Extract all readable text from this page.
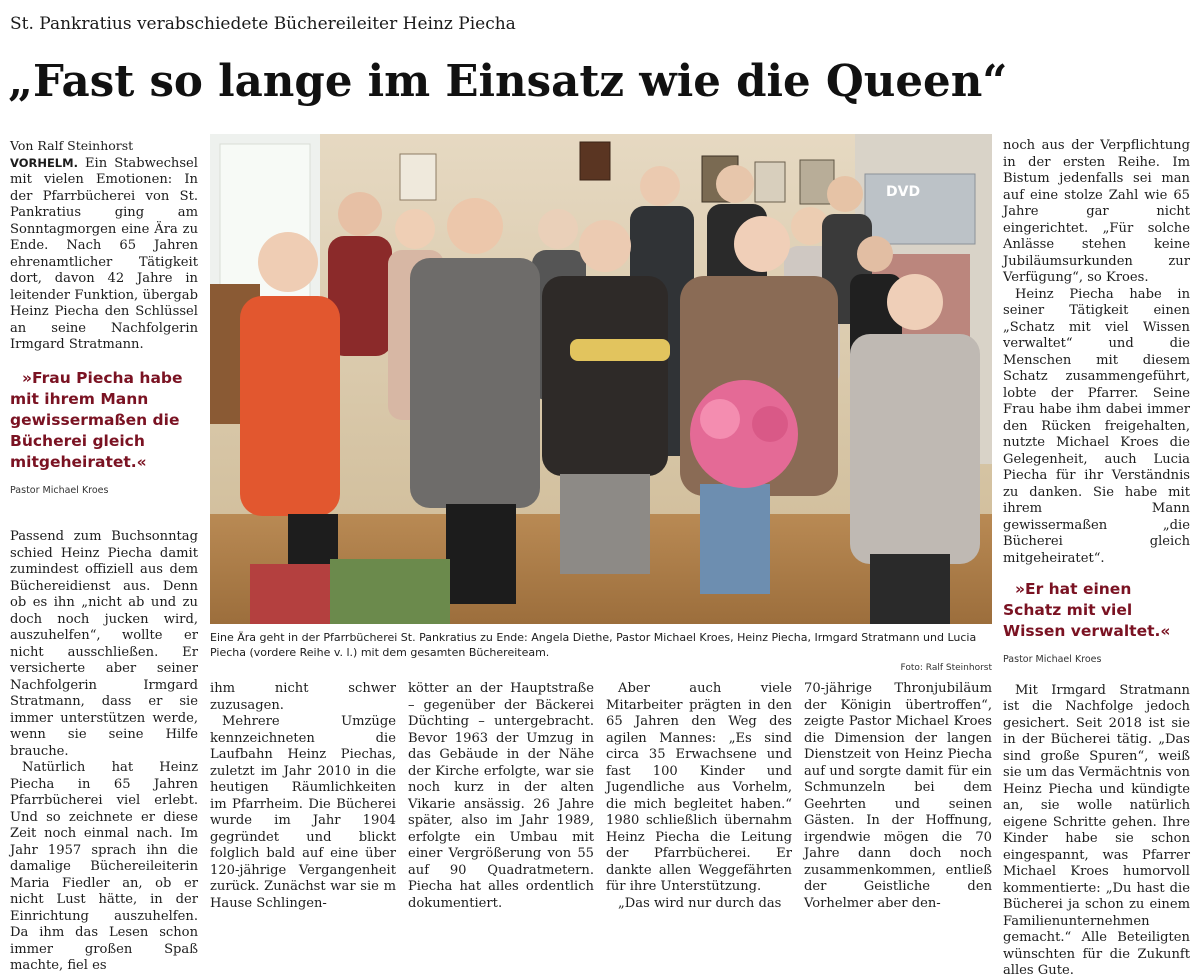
St. Pankratius verabschiedete Büchereileiter Heinz Piecha
„Fast so lange im Einsatz wie die Queen“

Von Ralf Steinhorst

VORHELM. Ein Stabwechsel mit vielen Emotionen: In der Pfarrbücherei von St. Pankratius ging am Sonntagmorgen eine Ära zu Ende. Nach 65 Jahren ehrenamtlicher Tätigkeit dort, davon 42 Jahre in leitender Funktion, übergab Heinz Piecha den Schlüssel an seine Nachfolgerin Irmgard Stratmann.

»Frau Piecha habe mit ihrem Mann gewissermaßen die Bücherei gleich mitgeheiratet.«

Pastor Michael Kroes

Passend zum Buchsonntag schied Heinz Piecha damit zumindest offiziell aus dem Büchereidienst aus. Denn ob es ihn „nicht ab und zu doch noch jucken wird, auszuhelfen“, wollte er nicht ausschließen. Er versicherte aber seiner Nachfolgerin Irmgard Stratmann, dass er sie immer unterstützen werde, wenn sie seine Hilfe brauche.

Natürlich hat Heinz Piecha in 65 Jahren Pfarrbücherei viel erlebt. Und so zeichnete er diese Zeit noch einmal nach. Im Jahr 1957 sprach ihn die damalige Büchereileiterin Maria Fiedler an, ob er nicht Lust hätte, in der Einrichtung auszuhelfen. Da ihm das Lesen schon immer großen Spaß machte, fiel es

DVD
Eine Ära geht in der Pfarrbücherei St. Pankratius zu Ende: Angela Diethe, Pastor Michael Kroes, Heinz Piecha, Irmgard Stratmann und Lucia Piecha (vordere Reihe v. l.) mit dem gesamten Büchereiteam.
Foto: Ralf Steinhorst

noch aus der Verpflichtung in der ersten Reihe. Im Bistum jedenfalls sei man auf eine stolze Zahl wie 65 Jahre gar nicht eingerichtet. „Für solche Anlässe stehen keine Jubiläumsurkunden zur Verfügung“, so Kroes.

Heinz Piecha habe in seiner Tätigkeit einen „Schatz mit viel Wissen verwaltet“ und die Menschen mit diesem Schatz zusammengeführt, lobte der Pfarrer. Seine Frau habe ihm dabei immer den Rücken freigehalten, nutzte Michael Kroes die Gelegenheit, auch Lucia Piecha für ihr Verständnis zu danken. Sie habe mit ihrem Mann gewissermaßen „die Bücherei gleich mitgeheiratet“.

»Er hat einen Schatz mit viel Wissen verwaltet.«

Pastor Michael Kroes

Mit Irmgard Stratmann ist die Nachfolge jedoch gesichert. Seit 2018 ist sie in der Bücherei tätig. „Das sind große Spuren“, weiß sie um das Vermächtnis von Heinz Piecha und kündigte an, sie wolle natürlich eigene Schritte gehen. Ihre Kinder habe sie schon eingespannt, was Pfarrer Michael Kroes humorvoll kommentierte: „Du hast die Bücherei ja schon zu einem Familienunternehmen gemacht.“ Alle Beteiligten wünschten für die Zukunft alles Gute.

ihm nicht schwer zuzusagen.

Mehrere Umzüge kennzeichneten die Laufbahn Heinz Piechas, zuletzt im Jahr 2010 in die heutigen Räumlichkeiten im Pfarrheim. Die Bücherei wurde im Jahr 1904 gegründet und blickt folglich bald auf eine über 120-jährige Vergangenheit zurück. Zunächst war sie m Hause Schlingen-

kötter an der Hauptstraße – gegenüber der Bäckerei Düchting – untergebracht. Bevor 1963 der Umzug in das Gebäude in der Nähe der Kirche erfolgte, war sie noch kurz in der alten Vikarie ansässig. 26 Jahre später, also im Jahr 1989, erfolgte ein Umbau mit einer Vergrößerung von 55 auf 90 Quadratmetern. Piecha hat alles ordentlich dokumentiert.

Aber auch viele Mitarbeiter prägten in den 65 Jahren den Weg des agilen Mannes: „Es sind circa 35 Erwachsene und fast 100 Kinder und Jugendliche aus Vorhelm, die mich begleitet haben.“ 1980 schließlich übernahm Heinz Piecha die Leitung der Pfarrbücherei. Er dankte allen Weggefährten für ihre Unterstützung.

„Das wird nur durch das

70-jährige Thronjubiläum der Königin übertroffen“, zeigte Pastor Michael Kroes die Dimension der langen Dienstzeit von Heinz Piecha auf und sorgte damit für ein Schmunzeln bei dem Geehrten und seinen Gästen. In der Hoffnung, irgendwie mögen die 70 Jahre dann doch noch zusammenkommen, entließ der Geistliche den Vorhelmer aber den-
